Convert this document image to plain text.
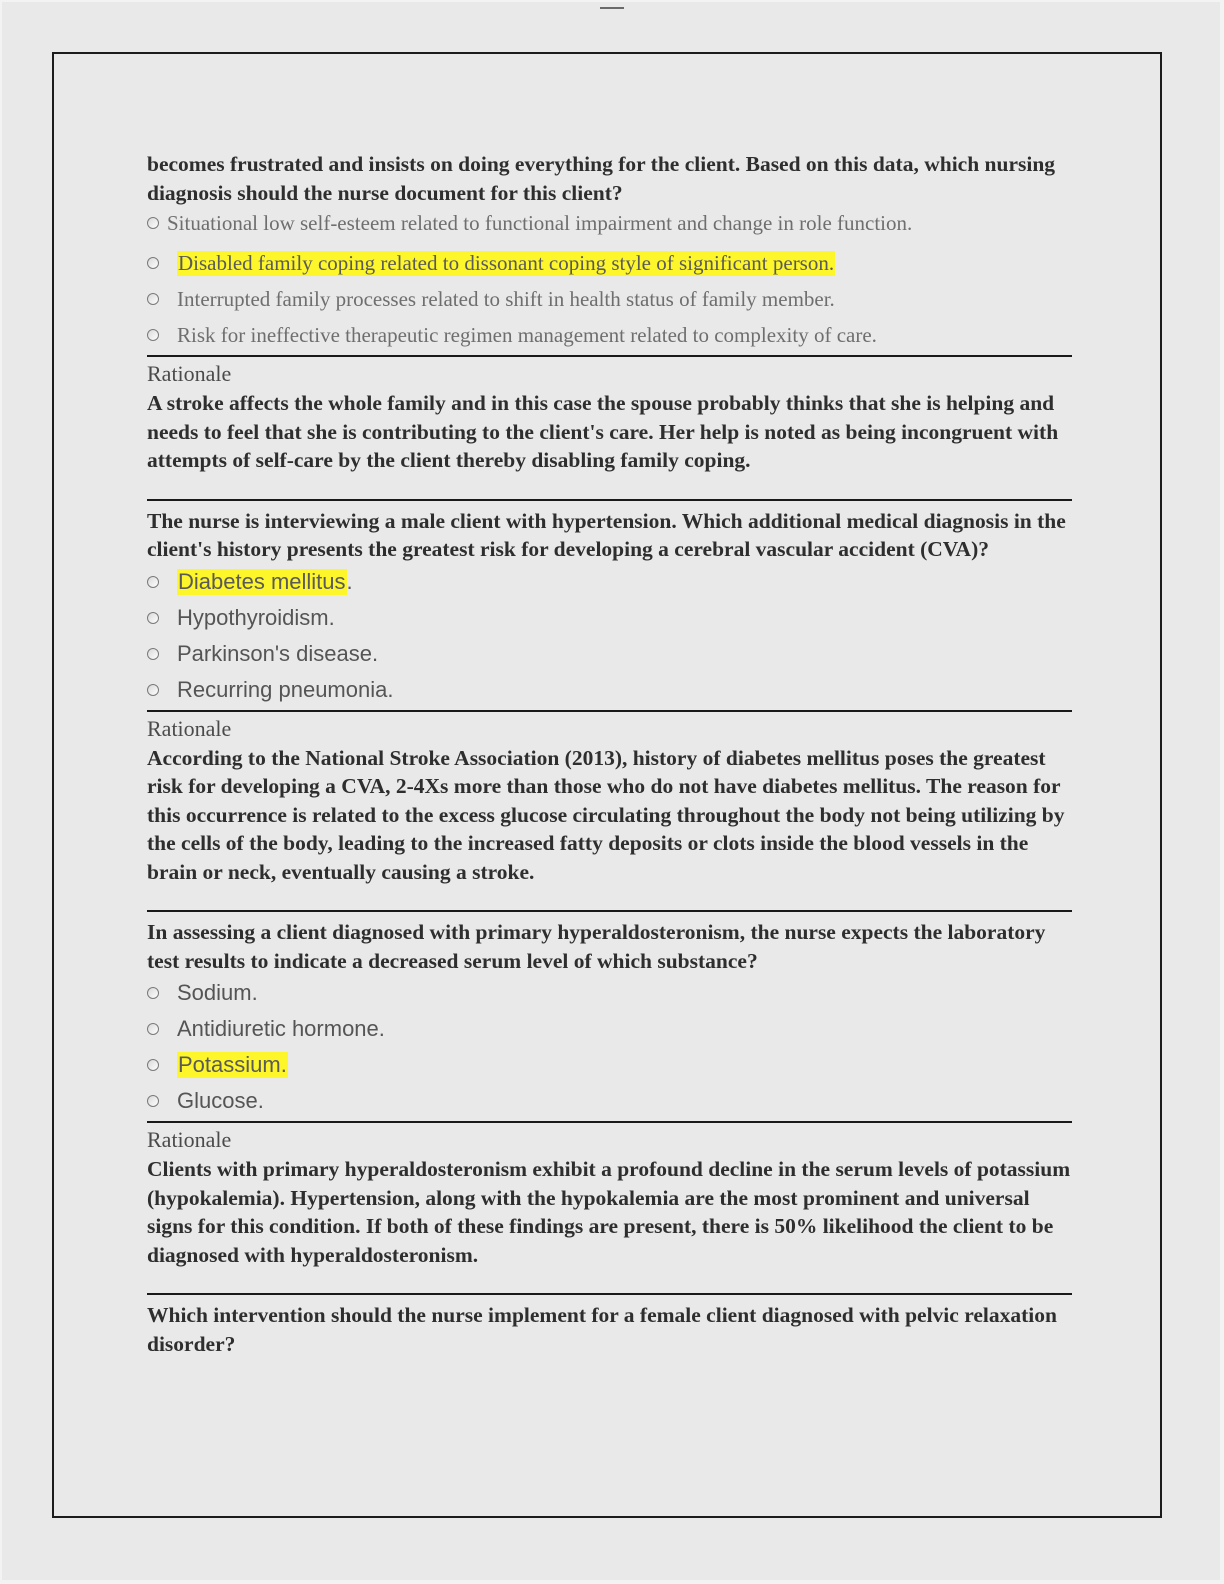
becomes frustrated and insists on doing everything for the client. Based on this data, which nursing diagnosis should the nurse document for this client?

Situational low self-esteem related to functional impairment and change in role function.
Disabled family coping related to dissonant coping style of significant person.
Interrupted family processes related to shift in health status of family member.
Risk for ineffective therapeutic regimen management related to complexity of care.
Rationale

A stroke affects the whole family and in this case the spouse probably thinks that she is helping and needs to feel that she is contributing to the client's care. Her help is noted as being incongruent with attempts of self-care by the client thereby disabling family coping.

The nurse is interviewing a male client with hypertension. Which additional medical diagnosis in the client's history presents the greatest risk for developing a cerebral vascular accident (CVA)?

Diabetes mellitus .
Hypothyroidism.
Parkinson's disease.
Recurring pneumonia.
Rationale

According to the National Stroke Association (2013), history of diabetes mellitus poses the greatest risk for developing a CVA, 2-4Xs more than those who do not have diabetes mellitus. The reason for this occurrence is related to the excess glucose circulating throughout the body not being utilizing by the cells of the body, leading to the increased fatty deposits or clots inside the blood vessels in the brain or neck, eventually causing a stroke.

In assessing a client diagnosed with primary hyperaldosteronism, the nurse expects the laboratory test results to indicate a decreased serum level of which substance?

Sodium.
Antidiuretic hormone.
Potassium.
Glucose.
Rationale

Clients with primary hyperaldosteronism exhibit a profound decline in the serum levels of potassium (hypokalemia). Hypertension, along with the hypokalemia are the most prominent and universal signs for this condition. If both of these findings are present, there is 50% likelihood the client to be diagnosed with hyperaldosteronism.

Which intervention should the nurse implement for a female client diagnosed with pelvic relaxation disorder?
